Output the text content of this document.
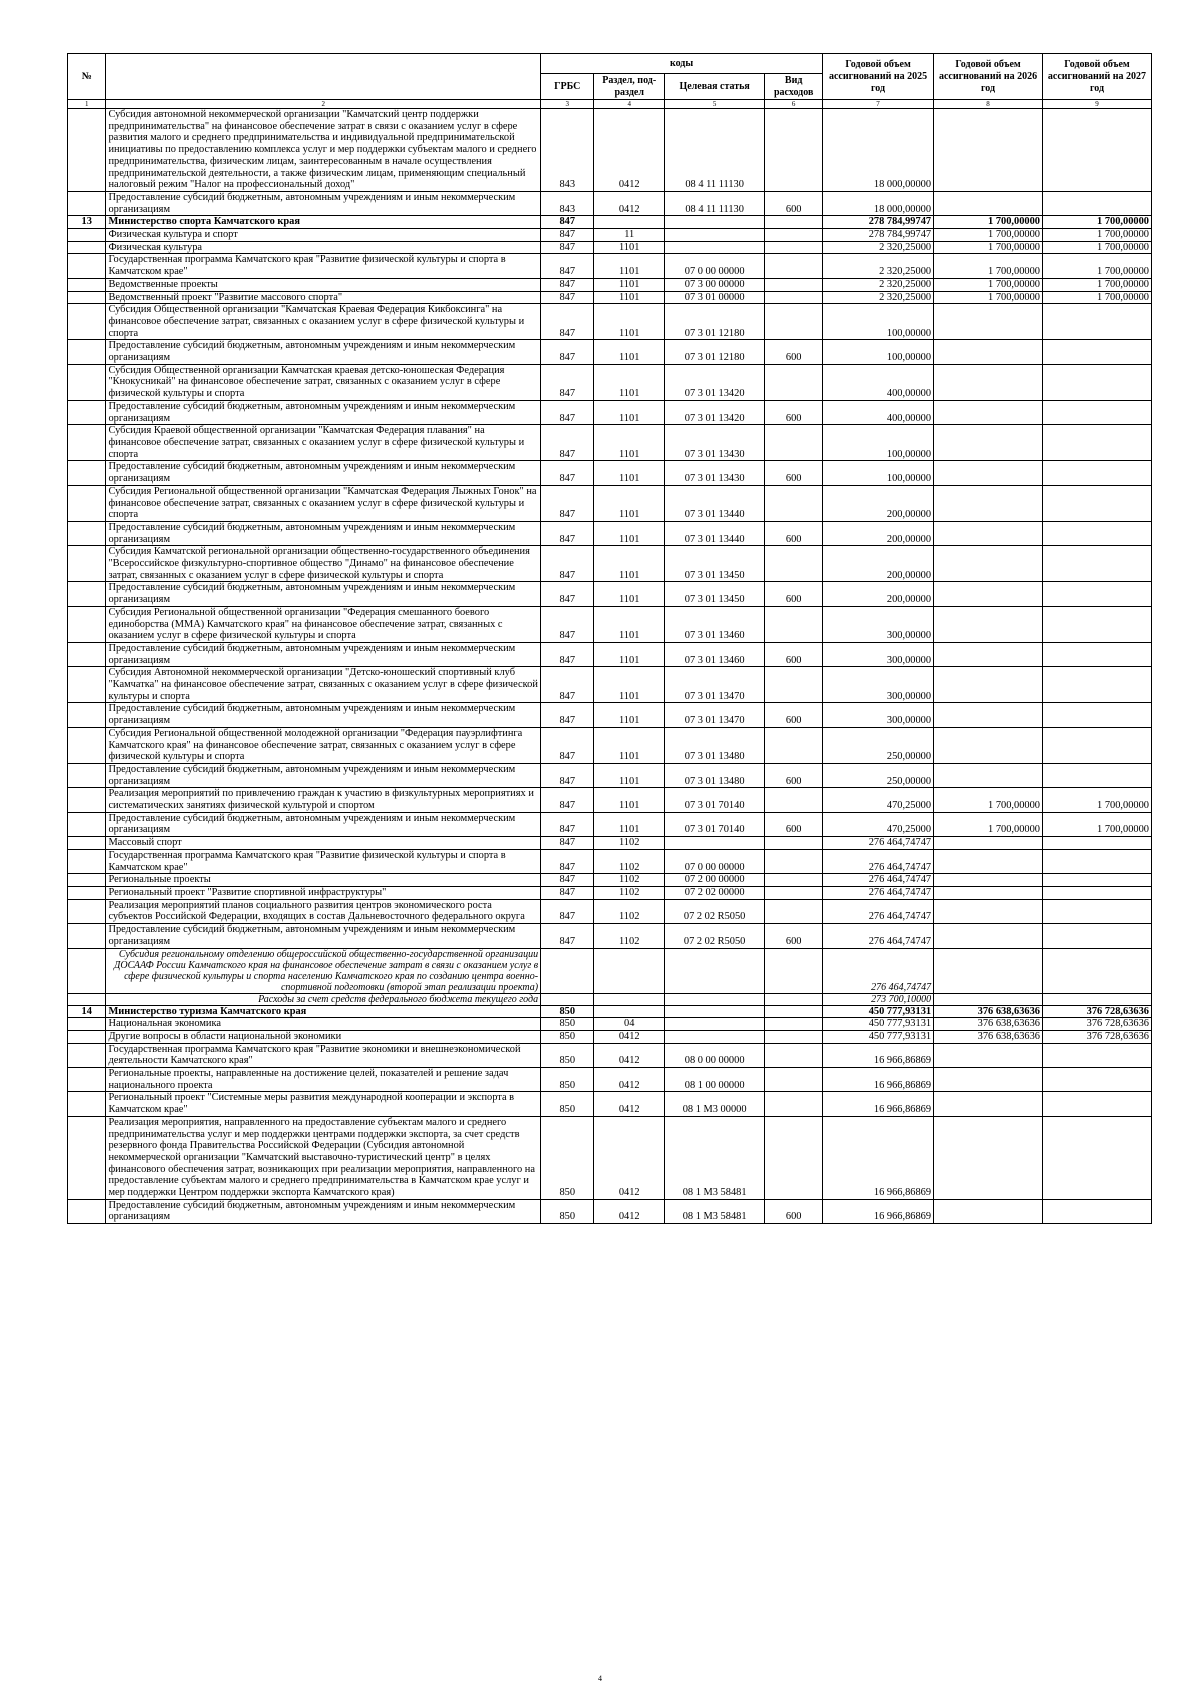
№		коды				Годовой объем ассигнований на 2025 год	Годовой объем ассигнований на 2026 год	Годовой объем ассигнований на 2027 год
		ГРБС	Раздел, под-раздел	Целевая статья	Вид расходов			
1	2	3	4	5	6	7	8	9
	Субсидия автономной некоммерческой организации "Камчатский центр поддержки предпринимательства" на финансовое обеспечение затрат в связи с оказанием услуг в сфере развития малого и среднего предпринимательства и индивидуальной предпринимательской инициативы по предоставлению комплекса услуг и мер поддержки субъектам малого и среднего предпринимательства, физическим лицам, заинтересованным в начале осуществления предпринимательской деятельности, а также физическим лицам, применяющим специальный налоговый режим "Налог на профессиональный доход"	843	0412	08 4 11 11130		18 000,00000		
	Предоставление субсидий бюджетным, автономным учреждениям и иным некоммерческим организациям	843	0412	08 4 11 11130	600	18 000,00000		
13	Министерство спорта Камчатского края	847				278 784,99747	1 700,00000	1 700,00000
	Физическая культура и спорт	847	11			278 784,99747	1 700,00000	1 700,00000
	Физическая культура	847	1101			2 320,25000	1 700,00000	1 700,00000
	Государственная программа Камчатского края "Развитие физической культуры и спорта в Камчатском крае"	847	1101	07 0 00 00000		2 320,25000	1 700,00000	1 700,00000
	Ведомственные проекты	847	1101	07 3 00 00000		2 320,25000	1 700,00000	1 700,00000
	Ведомственный проект "Развитие массового спорта"	847	1101	07 3 01 00000		2 320,25000	1 700,00000	1 700,00000
	Субсидия Общественной организации "Камчатская Краевая Федерация Кикбоксинга" на финансовое обеспечение затрат, связанных с оказанием услуг в сфере физической культуры и спорта	847	1101	07 3 01 12180		100,00000		
	Предоставление субсидий бюджетным, автономным учреждениям и иным некоммерческим организациям	847	1101	07 3 01 12180	600	100,00000		
	Субсидия Общественной организации Камчатская краевая детско-юношеская Федерация "Кнокусникай" на финансовое обеспечение затрат, связанных с оказанием услуг в сфере физической культуры и спорта	847	1101	07 3 01 13420		400,00000		
	Предоставление субсидий бюджетным, автономным учреждениям и иным некоммерческим организациям	847	1101	07 3 01 13420	600	400,00000		
	Субсидия Краевой общественной организации "Камчатская Федерация плавания" на финансовое обеспечение затрат, связанных с оказанием услуг в сфере физической культуры и спорта	847	1101	07 3 01 13430		100,00000		
	Предоставление субсидий бюджетным, автономным учреждениям и иным некоммерческим организациям	847	1101	07 3 01 13430	600	100,00000		
	Субсидия Региональной общественной организации "Камчатская Федерация Лыжных Гонок" на финансовое обеспечение затрат, связанных с оказанием услуг в сфере физической культуры и спорта	847	1101	07 3 01 13440		200,00000		
	Предоставление субсидий бюджетным, автономным учреждениям и иным некоммерческим организациям	847	1101	07 3 01 13440	600	200,00000		
	Субсидия Камчатской региональной организации общественно-государственного объединения "Всероссийское физкультурно-спортивное общество "Динамо" на финансовое обеспечение затрат, связанных с оказанием услуг в сфере физической культуры и спорта	847	1101	07 3 01 13450		200,00000		
	Предоставление субсидий бюджетным, автономным учреждениям и иным некоммерческим организациям	847	1101	07 3 01 13450	600	200,00000		
	Субсидия Региональной общественной организации "Федерация смешанного боевого единоборства (ММА) Камчатского края" на финансовое обеспечение затрат, связанных с оказанием услуг в сфере физической культуры и спорта	847	1101	07 3 01 13460		300,00000		
	Предоставление субсидий бюджетным, автономным учреждениям и иным некоммерческим организациям	847	1101	07 3 01 13460	600	300,00000		
	Субсидия Автономной некоммерческой организации "Детско-юношеский спортивный клуб "Камчатка" на финансовое обеспечение затрат, связанных с оказанием услуг в сфере физической культуры и спорта	847	1101	07 3 01 13470		300,00000		
	Предоставление субсидий бюджетным, автономным учреждениям и иным некоммерческим организациям	847	1101	07 3 01 13470	600	300,00000		
	Субсидия Региональной общественной молодежной организации "Федерация пауэрлифтинга Камчатского края" на финансовое обеспечение затрат, связанных с оказанием услуг в сфере физической культуры и спорта	847	1101	07 3 01 13480		250,00000		
	Предоставление субсидий бюджетным, автономным учреждениям и иным некоммерческим организациям	847	1101	07 3 01 13480	600	250,00000		
	Реализация мероприятий по привлечению граждан к участию в физкультурных мероприятиях и систематических занятиях физической культурой и спортом	847	1101	07 3 01 70140		470,25000	1 700,00000	1 700,00000
	Предоставление субсидий бюджетным, автономным учреждениям и иным некоммерческим организациям	847	1101	07 3 01 70140	600	470,25000	1 700,00000	1 700,00000
	Массовый спорт	847	1102			276 464,74747		
	Государственная программа Камчатского края "Развитие физической культуры и спорта в Камчатском крае"	847	1102	07 0 00 00000		276 464,74747		
	Региональные проекты	847	1102	07 2 00 00000		276 464,74747		
	Региональный проект "Развитие спортивной инфраструктуры"	847	1102	07 2 02 00000		276 464,74747		
	Реализация мероприятий планов социального развития центров экономического роста субъектов Российской Федерации, входящих в состав Дальневосточного федерального округа	847	1102	07 2 02 R5050		276 464,74747		
	Предоставление субсидий бюджетным, автономным учреждениям и иным некоммерческим организациям	847	1102	07 2 02 R5050	600	276 464,74747		
	Субсидия региональному отделению общероссийской общественно-государственной организации ДОСААФ России Камчатского края на финансовое обеспечение затрат в связи с оказанием услуг в сфере физической культуры и спорта населению Камчатского края по созданию центра военно-спортивной подготовки (второй этап реализации проекта)					276 464,74747		
	Расходы за счет средств федерального бюджета текущего года					273 700,10000		
14	Министерство туризма Камчатского края	850				450 777,93131	376 638,63636	376 728,63636
	Национальная экономика	850	04			450 777,93131	376 638,63636	376 728,63636
	Другие вопросы в области национальной экономики	850	0412			450 777,93131	376 638,63636	376 728,63636
	Государственная программа Камчатского края "Развитие экономики и внешнеэкономической деятельности Камчатского края"	850	0412	08 0 00 00000		16 966,86869		
	Региональные проекты, направленные на достижение целей, показателей и решение задач национального проекта	850	0412	08 1 00 00000		16 966,86869		
	Региональный проект "Системные меры развития международной кооперации и экспорта в Камчатском крае"	850	0412	08 1 М3 00000		16 966,86869		
	Реализация мероприятия, направленного на предоставление субъектам малого и среднего предпринимательства услуг и мер поддержки центрами поддержки экспорта, за счет средств резервного фонда Правительства Российской Федерации (Субсидия автономной некоммерческой организации "Камчатский выставочно-туристический центр" в целях финансового обеспечения затрат, возникающих при реализации мероприятия, направленного на предоставление субъектам малого и среднего предпринимательства в Камчатском крае услуг и мер поддержки Центром поддержки экспорта Камчатского края)	850	0412	08 1 М3 58481		16 966,86869		
	Предоставление субсидий бюджетным, автономным учреждениям и иным некоммерческим организациям	850	0412	08 1 М3 58481	600	16 966,86869		
4
